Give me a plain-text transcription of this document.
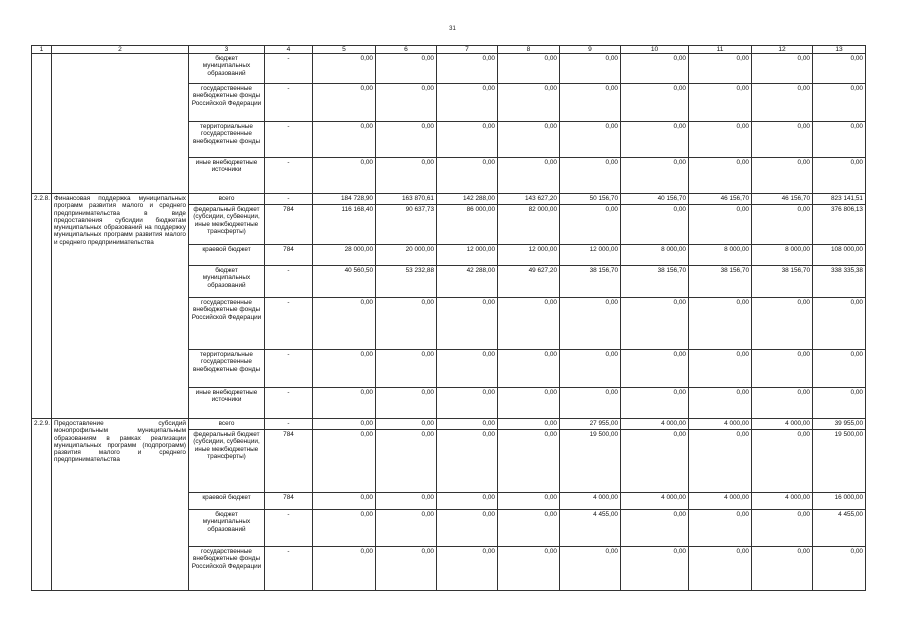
31
1	2	3	4	5	6	7	8	9	10	11	12	13
		бюджет муниципальных образований	-	0,00	0,00	0,00	0,00	0,00	0,00	0,00	0,00	0,00
		государственные внебюджетные фонды Российской Федерации	-	0,00	0,00	0,00	0,00	0,00	0,00	0,00	0,00	0,00
		территориальные государственные внебюджетные фонды	-	0,00	0,00	0,00	0,00	0,00	0,00	0,00	0,00	0,00
		иные внебюджетные источники	-	0,00	0,00	0,00	0,00	0,00	0,00	0,00	0,00	0,00
2.2.8.	Финансовая поддержка муниципальных программ развития малого и среднего предпринимательства в виде предоставления субсидии бюджетам муниципальных образований на поддержку муниципальных программ развития малого и среднего предпринимательства	всего	-	184 728,90	163 870,61	142 288,00	143 627,20	50 156,70	40 156,70	46 156,70	46 156,70	823 141,51
		федеральный бюджет (субсидии, субвенции, иные межбюджетные трансферты)	784	116 168,40	90 637,73	86 000,00	82 000,00	0,00	0,00	0,00	0,00	376 806,13
		краевой бюджет	784	28 000,00	20 000,00	12 000,00	12 000,00	12 000,00	8 000,00	8 000,00	8 000,00	108 000,00
		бюджет муниципальных образований	-	40 560,50	53 232,88	42 288,00	49 627,20	38 156,70	38 156,70	38 156,70	38 156,70	338 335,38
		государственные внебюджетные фонды Российской Федерации	-	0,00	0,00	0,00	0,00	0,00	0,00	0,00	0,00	0,00
		территориальные государственные внебюджетные фонды	-	0,00	0,00	0,00	0,00	0,00	0,00	0,00	0,00	0,00
		иные внебюджетные источники	-	0,00	0,00	0,00	0,00	0,00	0,00	0,00	0,00	0,00
2.2.9.	Предоставление субсидий монопрофильным муниципальным образованиям в рамках реализации муниципальных программ (подпрограмм) развития малого и среднего предпринимательства	всего	-	0,00	0,00	0,00	0,00	27 955,00	4 000,00	4 000,00	4 000,00	39 955,00
		федеральный бюджет (субсидии, субвенции, иные межбюджетные трансферты)	784	0,00	0,00	0,00	0,00	19 500,00	0,00	0,00	0,00	19 500,00
		краевой бюджет	784	0,00	0,00	0,00	0,00	4 000,00	4 000,00	4 000,00	4 000,00	16 000,00
		бюджет муниципальных образований	-	0,00	0,00	0,00	0,00	4 455,00	0,00	0,00	0,00	4 455,00
		государственные внебюджетные фонды Российской Федерации	-	0,00	0,00	0,00	0,00	0,00	0,00	0,00	0,00	0,00
